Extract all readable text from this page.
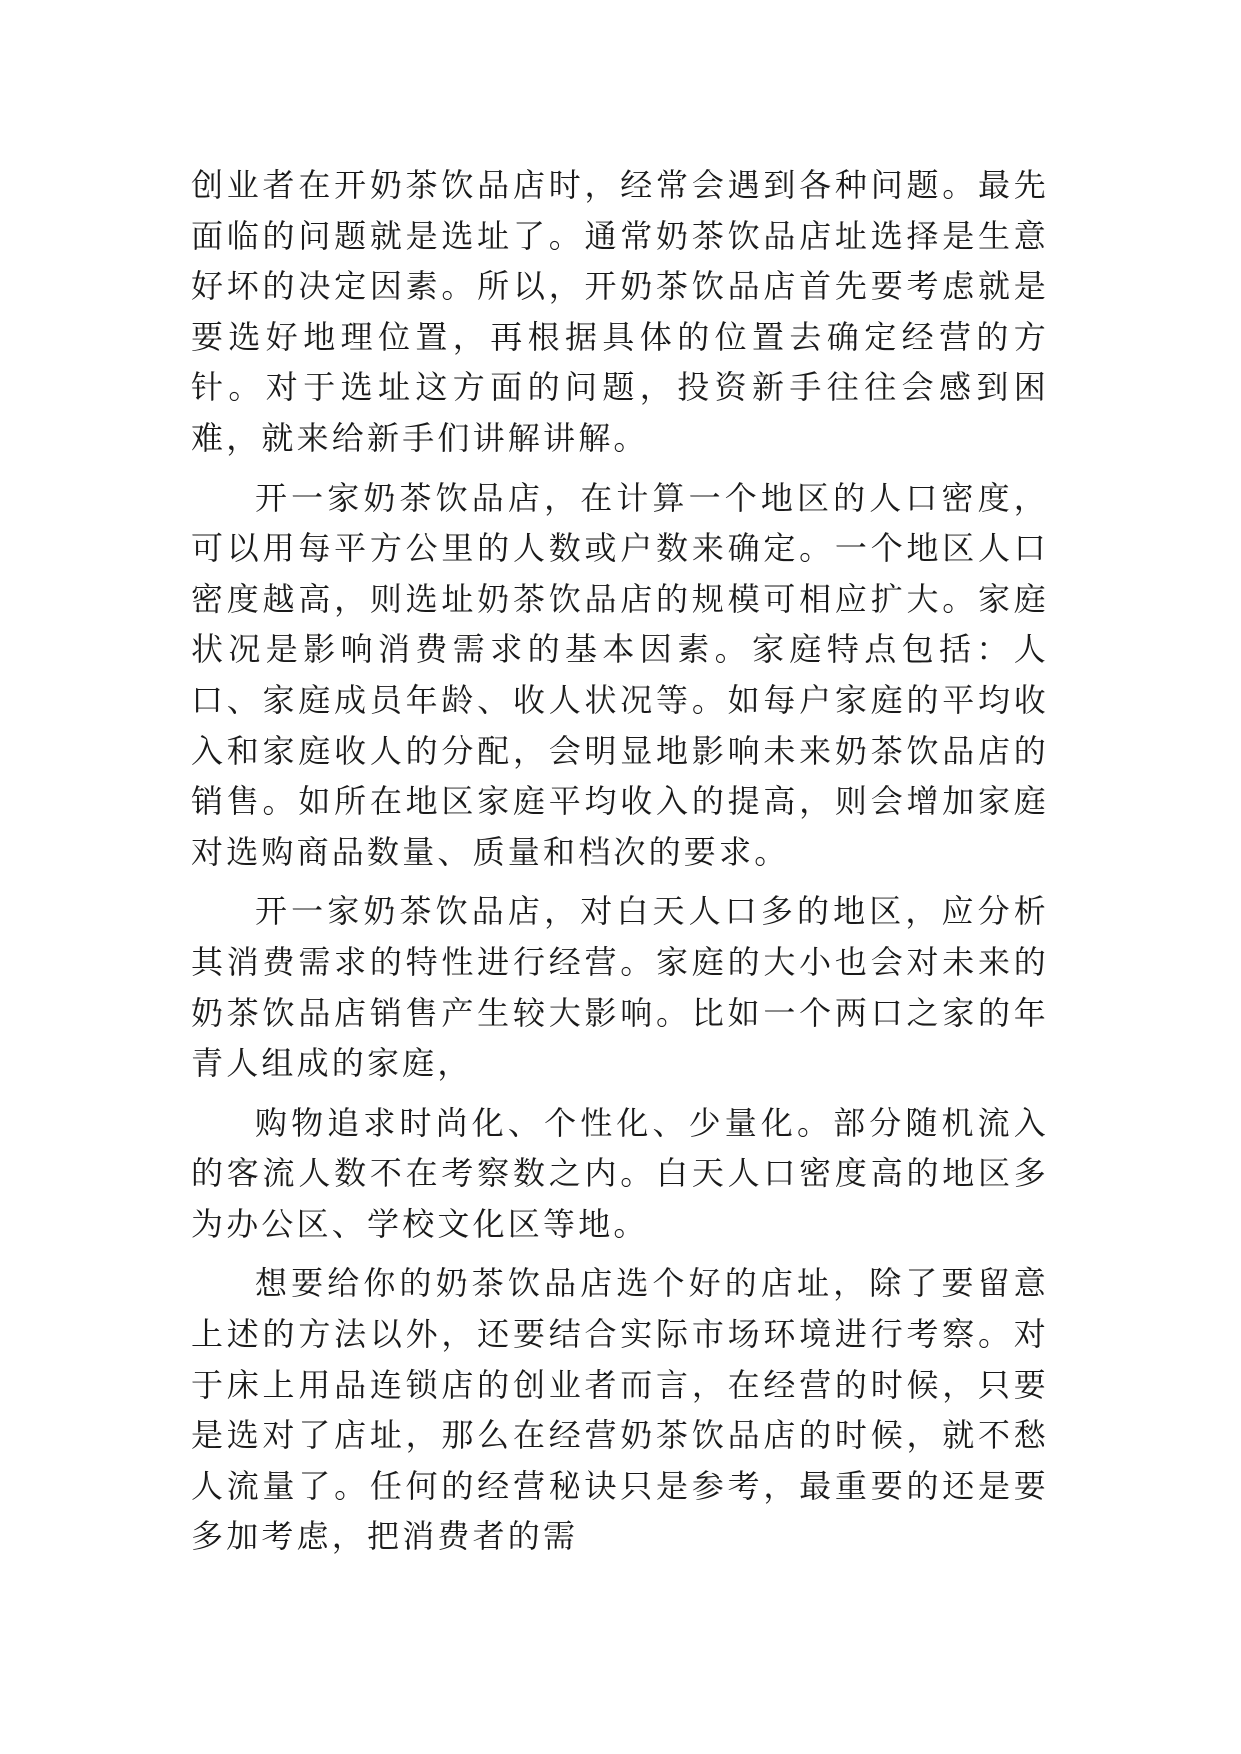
创业者在开奶茶饮品店时，经常会遇到各种问题。最先面临的问题就是选址了。通常奶茶饮品店址选择是生意好坏的决定因素。所以，开奶茶饮品店首先要考虑就是要选好地理位置，再根据具体的位置去确定经营的方针。对于选址这方面的问题，投资新手往往会感到困难，就来给新手们讲解讲解。

开一家奶茶饮品店，在计算一个地区的人口密度，可以用每平方公里的人数或户数来确定。一个地区人口密度越高，则选址奶茶饮品店的规模可相应扩大。家庭状况是影响消费需求的基本因素。家庭特点包括：人口、家庭成员年龄、收人状况等。如每户家庭的平均收入和家庭收人的分配，会明显地影响未来奶茶饮品店的销售。如所在地区家庭平均收入的提高，则会增加家庭对选购商品数量、质量和档次的要求。

开一家奶茶饮品店，对白天人口多的地区，应分析其消费需求的特性进行经营。家庭的大小也会对未来的奶茶饮品店销售产生较大影响。比如一个两口之家的年青人组成的家庭，

购物追求时尚化、个性化、少量化。部分随机流入的客流人数不在考察数之内。白天人口密度高的地区多为办公区、学校文化区等地。

想要给你的奶茶饮品店选个好的店址，除了要留意上述的方法以外，还要结合实际市场环境进行考察。对于床上用品连锁店的创业者而言，在经营的时候，只要是选对了店址，那么在经营奶茶饮品店的时候，就不愁人流量了。任何的经营秘诀只是参考，最重要的还是要多加考虑，把消费者的需
